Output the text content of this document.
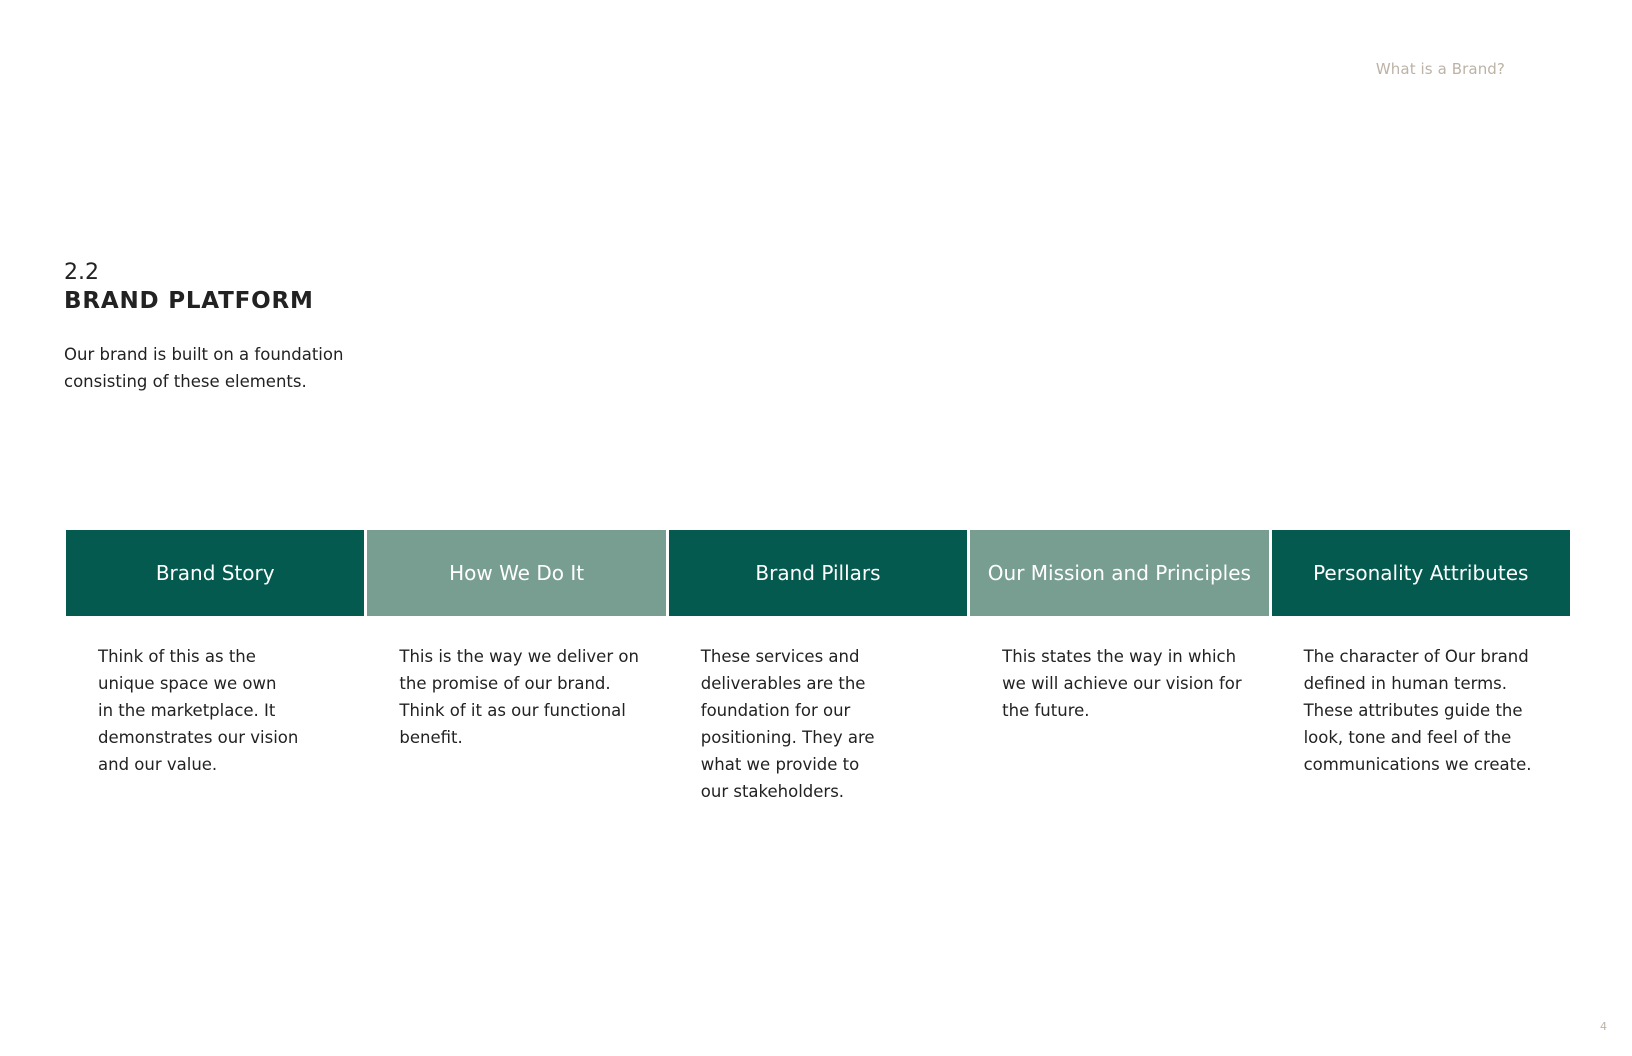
What is a Brand?
2.2
BRAND PLATFORM
Our brand is built on a foundation
consisting of these elements.
Brand Story
Think of this as the
unique space we own
in the marketplace. It
demonstrates our vision
and our value.
How We Do It
This is the way we deliver on
the promise of our brand.
Think of it as our functional
benefit.
Brand Pillars
These services and
deliverables are the
foundation for our
positioning. They are
what we provide to
our stakeholders.
Our Mission and Principles
This states the way in which
we will achieve our vision for
the future.
Personality Attributes
The character of Our brand
defined in human terms.
These attributes guide the
look, tone and feel of the
communications we create.
4
